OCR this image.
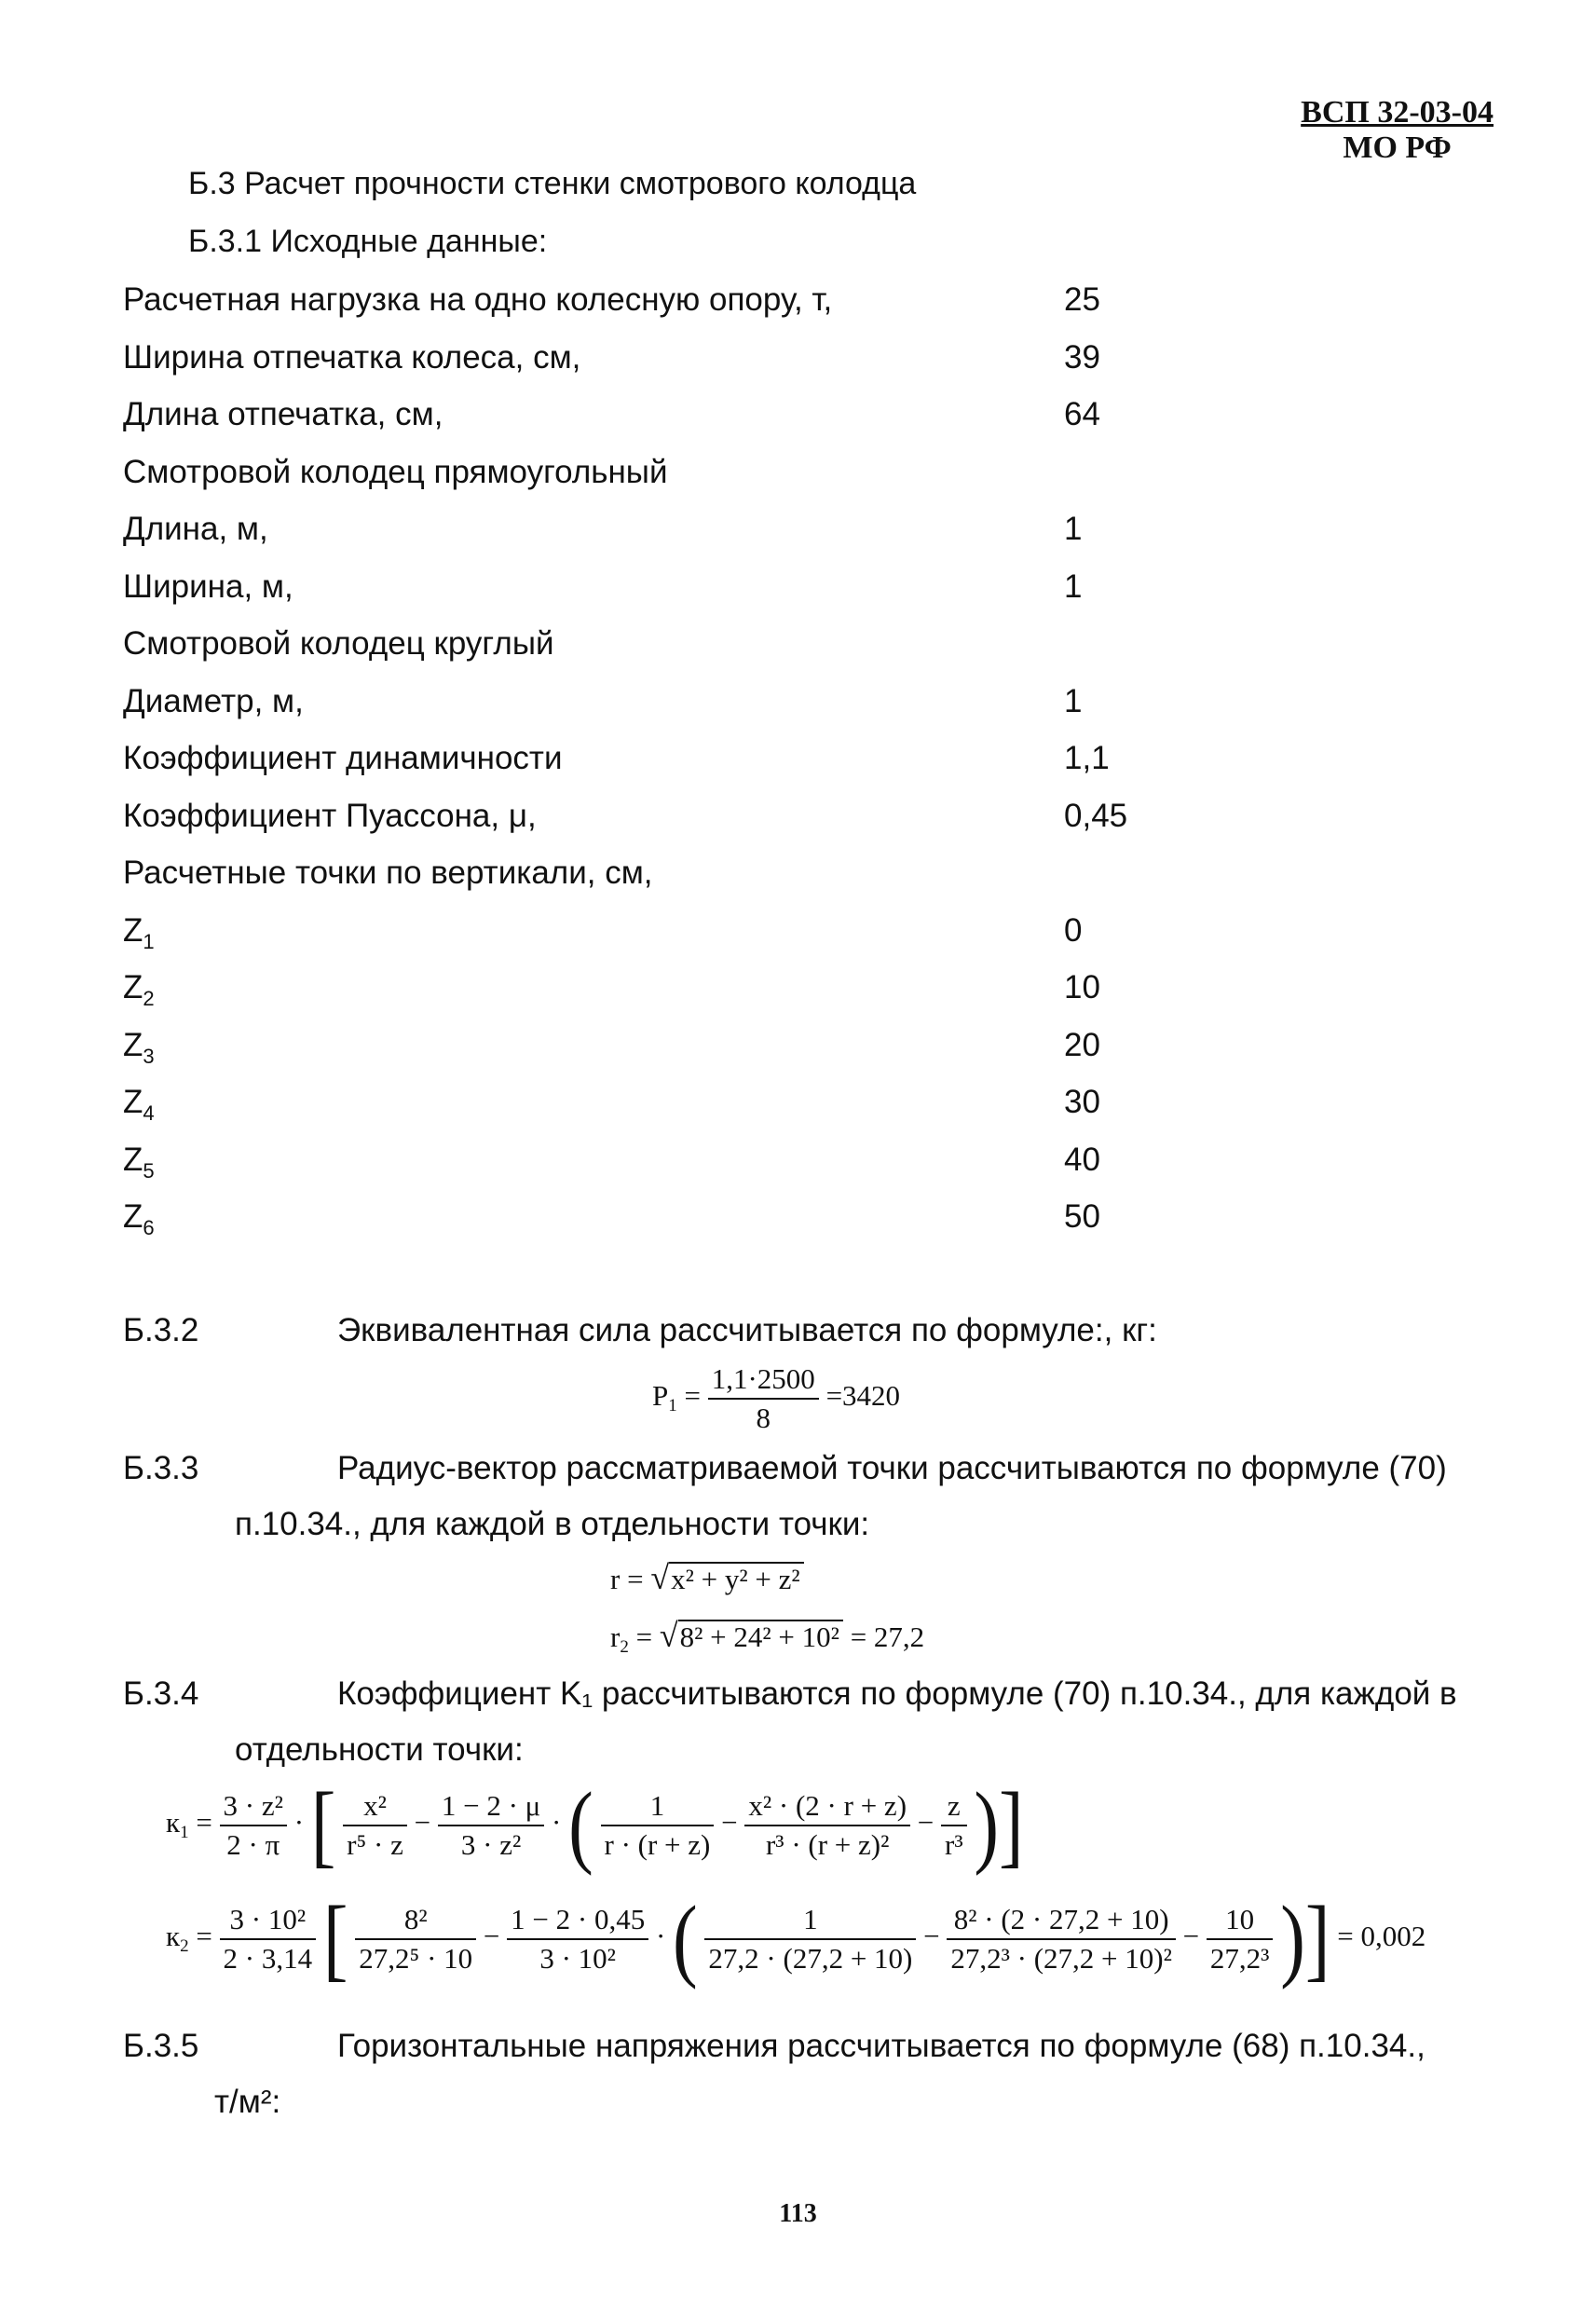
ВСП 32-03-04
МО РФ
Б.3 Расчет прочности стенки смотрового колодца
Б.3.1 Исходные данные:
Расчетная нагрузка на одно колесную опору, т,	25
Ширина отпечатка колеса, см,	39
Длина отпечатка, см,	64
Смотровой колодец прямоугольный
Длина, м,	1
Ширина, м,	1
Смотровой колодец круглый
Диаметр, м,	1
Коэффициент динамичности	1,1
Коэффициент Пуассона, μ,	0,45
Расчетные точки по вертикали, см,
$Z_1$	0
$Z_2$	10
$Z_3$	20
$Z_4$	30
$Z_5$	40
$Z_6$	50
Б.3.2	Эквивалентная сила рассчитывается по формуле:, кг:
$P_1 = \frac{1,1\cdot 2500}{8} =3420$
Б.3.3	Радиус-вектор рассматриваемой точки рассчитываются по формуле (70)
п.10.34., для каждой в отдельности точки:
r = √x² + y² + z²
$r_2 = √8^2 + 24^2 + 10^2 = 27,2$
Б.3.4	Коэффициент K₁ рассчитываются по формуле (70) п.10.34., для каждой в
отдельности точки:
$к_1 = \frac{\text{3 · z²}}{2 \cdot \pi}$ · [ $\frac{\text{x²}}{\text{r⁵ · z}} - \frac{1 - 2 \cdot \mu}{\text{3 · z²}}$ · ( $\frac{1}{r \cdot (r + z)} - \frac{\text{x² · (2 · r + z)}}{\text{r³ · (r + z)²}} - \frac{z}{\text{r³}}$ )]
$к_2 = \frac{\text{3 · 10²}}{2 \cdot 3,14}$ [ $\frac{\text{8²}}{\text{27,2⁵ · 10}} - \frac{1 - 2 \cdot 0,45}{\text{3 · 10²}}$ · ( $\frac{1}{27,2 \cdot (27,2 + 10)} - \frac{\text{8² · (2 · 27,2 + 10)}}{\text{27,2³ · (27,2 + 10)²}} - \frac{10}{\text{27,2³}}$ )] = 0,002
Б.3.5	Горизонтальные напряжения рассчитывается по формуле (68) п.10.34.,
т/м²:
113
